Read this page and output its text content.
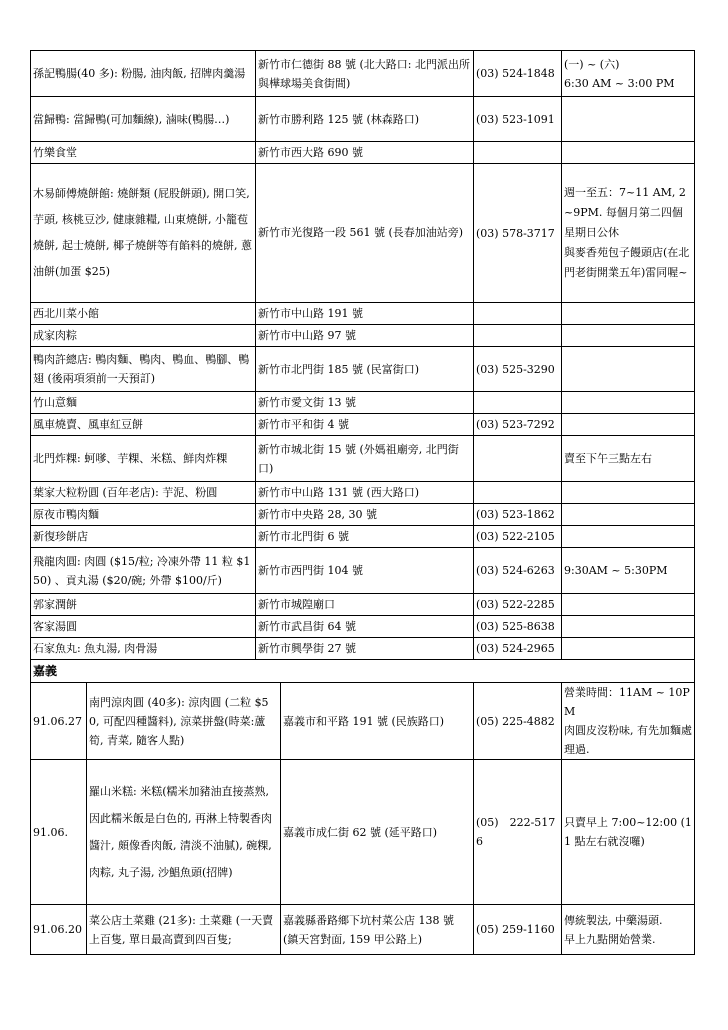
孫記鴨腸(40 多): 粉腸, 油肉飯, 招牌肉羹湯		新竹市仁德街 88 號 (北大路口: 北門派出所與樺球場美食街間)		(03) 524-1848	(一) ~ (六)
6:30 AM ~ 3:00 PM
當歸鴨: 當歸鴨(可加麵線), 滷味(鴨腸…)		新竹市勝利路 125 號 (林森路口)		(03) 523-1091	
竹樂食堂		新竹市西大路 690 號			
木易師傅燒餅館: 燒餅類 (屁股餅頭), 開口笑, 芋頭, 核桃豆沙, 健康雜糧, 山東燒餅, 小籠苞燒餅, 起士燒餅, 椰子燒餅等有餡料的燒餅, 蔥油餅(加蛋 $25)		新竹市光復路一段 561 號 (長春加油站旁)		(03) 578-3717	週一至五：7~11 AM, 2~9PM. 每個月第二四個星期日公休
與麥香苑包子饅頭店(在北門老街開業五年)雷同喔~
西北川菜小館		新竹市中山路 191 號			
成家肉粽		新竹市中山路 97 號			
鴨肉許總店: 鴨肉麵、鴨肉、鴨血、鴨腳、鴨翅 (後兩項須前一天預訂)		新竹市北門街 185 號 (民富街口)		(03) 525-3290	
竹山意麵		新竹市愛文街 13 號			
風車燒賣、風車紅豆餅		新竹市平和街 4 號		(03) 523-7292	
北門炸粿: 蚵嗲、芋粿、米糕、鮮肉炸粿		新竹市城北街 15 號 (外媽祖廟旁, 北門街口)			賣至下午三點左右
葉家大粒粉圓 (百年老店): 芋泥、粉圓		新竹市中山路 131 號 (西大路口)			
原夜市鴨肉麵		新竹市中央路 28, 30 號		(03) 523-1862	
新復珍餅店		新竹市北門街 6 號		(03) 522-2105	
飛龍肉圓: 肉圓 ($15/粒; 冷凍外帶 11 粒 $150) 、貢丸湯 ($20/碗; 外帶 $100/斤)		新竹市西門街 104 號		(03) 524-6263	9:30AM ~ 5:30PM
郭家潤餅		新竹市城隍廟口		(03) 522-2285	
客家湯圓		新竹市武昌街 64 號		(03) 525-8638	
石家魚丸: 魚丸湯, 肉骨湯		新竹市興學街 27 號		(03) 524-2965	
嘉義					
91.06.27	南門涼肉圓 (40多): 涼肉圓 (二粒 $50, 可配四種醬料), 涼菜拼盤(時菜:蘆筍, 青菜, 隨客人點)		嘉義市和平路 191 號 (民族路口)	(05) 225-4882	營業時間：11AM ~ 10PM
肉圓皮沒粉味, 有先加麵處理過.
91.06.	羅山米糕: 米糕(糯米加豬油直接蒸熟, 因此糯米飯是白色的, 再淋上特製香肉醬汁, 頗像香肉飯, 清淡不油膩), 碗粿, 肉粽, 丸子湯, 沙鯧魚頭(招牌)		嘉義市成仁街 62 號 (延平路口)	(05)　222-5176	只賣早上 7:00~12:00 (11 點左右就沒囉)
91.06.20	菜公店土菜雞 (21多): 土菜雞 (一天賣上百隻, 單日最高賣到四百隻;		嘉義縣番路鄉下坑村菜公店 138 號 (鎮天宮對面, 159 甲公路上)	(05) 259-1160	傳統製法, 中藥湯頭.
早上九點開始營業.
